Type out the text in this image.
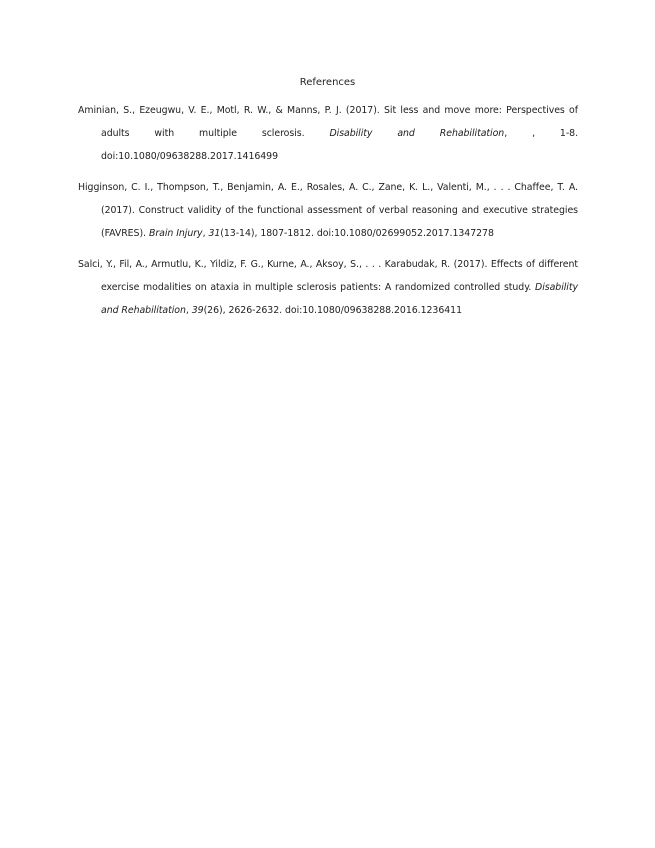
References

Aminian, S., Ezeugwu, V. E., Motl, R. W., & Manns, P. J. (2017). Sit less and move more: Perspectives of adults with multiple sclerosis.	Disability and Rehabilitation, , 1-8. doi:10.1080/09638288.2017.1416499

Higginson, C. I., Thompson, T., Benjamin, A. E., Rosales, A. C., Zane, K. L., Valenti, M., . . . Chaffee, T. A. (2017). Construct validity of the functional assessment of verbal reasoning and executive strategies (FAVRES). Brain Injury, 31(13-14), 1807-1812. doi:10.1080/02699052.2017.1347278

Salci, Y., Fil, A., Armutlu, K., Yildiz, F. G., Kurne, A., Aksoy, S., . . . Karabudak, R. (2017). Effects of different exercise modalities on ataxia in multiple sclerosis patients: A randomized controlled study. Disability and Rehabilitation, 39(26), 2626-2632. doi:10.1080/09638288.2016.1236411
